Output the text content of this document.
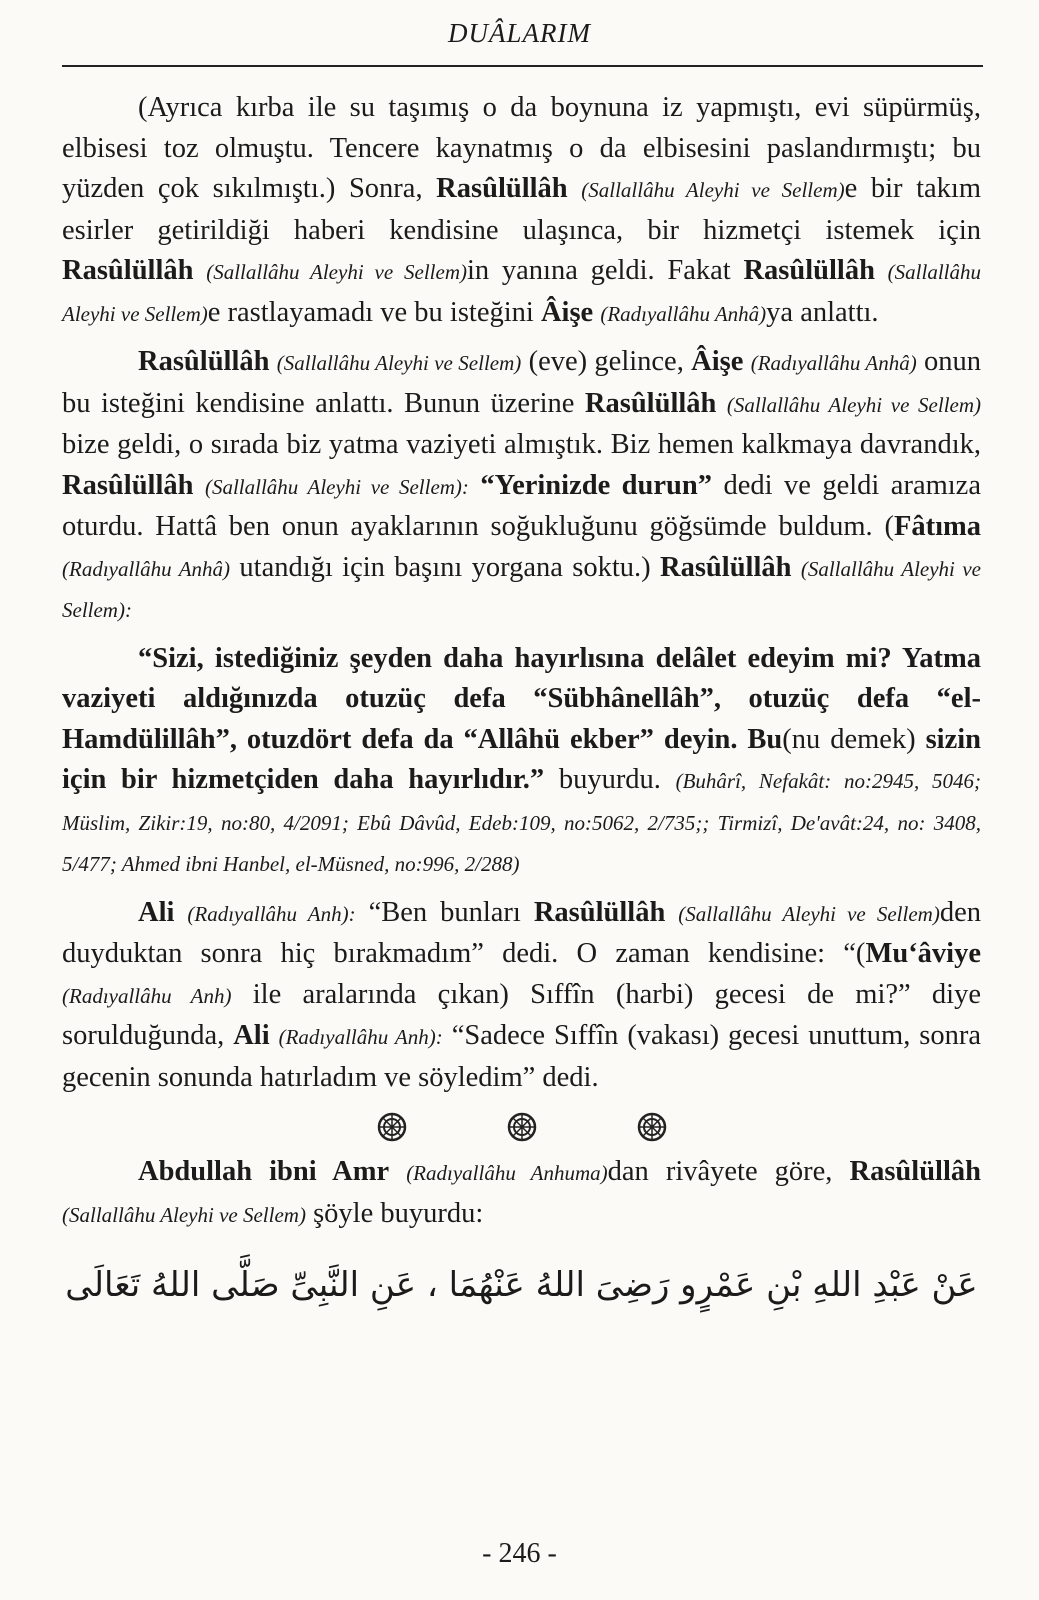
DUÂLARIM

(Ayrıca kırba ile su taşımış o da boynuna iz yapmıştı, evi süpürmüş, elbisesi toz olmuştu. Tencere kaynatmış o da elbisesini paslandırmıştı; bu yüzden çok sıkılmıştı.) Sonra, Rasûlüllâh (Sallallâhu Aleyhi ve Sellem)e bir takım esirler getirildiği haberi kendisine ulaşınca, bir hizmetçi istemek için Rasûlüllâh (Sallallâhu Aleyhi ve Sellem)in yanına geldi. Fakat Rasûlüllâh (Sallallâhu Aleyhi ve Sellem)e rastlayamadı ve bu isteğini Âişe (Radıyallâhu Anhâ)ya anlattı.

Rasûlüllâh (Sallallâhu Aleyhi ve Sellem) (eve) gelince, Âişe (Radıyallâhu Anhâ) onun bu isteğini kendisine anlattı. Bunun üzerine Rasûlüllâh (Sallallâhu Aleyhi ve Sellem) bize geldi, o sırada biz yatma vaziyeti almıştık. Biz hemen kalkmaya davrandık, Rasûlüllâh (Sallallâhu Aleyhi ve Sellem): “Yerinizde durun” dedi ve geldi aramıza oturdu. Hattâ ben onun ayaklarının soğukluğunu göğsümde buldum. (Fâtıma (Radıyallâhu Anhâ) utandığı için başını yorgana soktu.) Rasûlüllâh (Sallallâhu Aleyhi ve Sellem):

“Sizi, istediğiniz şeyden daha hayırlısına delâlet edeyim mi? Yatma vaziyeti aldığınızda otuzüç defa “Sübhânellâh”, otuzüç defa “el-Hamdülillâh”, otuzdört defa da “Allâhü ekber” deyin. Bu(nu demek) sizin için bir hizmetçiden daha hayırlıdır.” buyurdu. (Buhârî, Nefakât: no:2945, 5046; Müslim, Zikir:19, no:80, 4/2091; Ebû Dâvûd, Edeb:109, no:5062, 2/735;; Tirmizî, De'avât:24, no: 3408, 5/477; Ahmed ibni Hanbel, el-Müsned, no:996, 2/288)

Ali (Radıyallâhu Anh): “Ben bunları Rasûlüllâh (Sallallâhu Aleyhi ve Sellem)den duyduktan sonra hiç bırakmadım” dedi. O zaman kendisine: “(Mu‘âviye (Radıyallâhu Anh) ile aralarında çıkan) Sıffîn (harbi) gecesi de mi?” diye sorulduğunda, Ali (Radıyallâhu Anh): “Sadece Sıffîn (vakası) gecesi unuttum, sonra gecenin sonunda hatırladım ve söyledim” dedi.

Abdullah ibni Amr (Radıyallâhu Anhuma)dan rivâyete göre, Rasûlüllâh (Sallallâhu Aleyhi ve Sellem) şöyle buyurdu:

عَنْ عَبْدِ اللهِ بْنِ عَمْرٍو رَضِىَ اللهُ عَنْهُمَا ، عَنِ النَّبِىِّ صَلَّى اللهُ تَعَالَى
- 246 -
